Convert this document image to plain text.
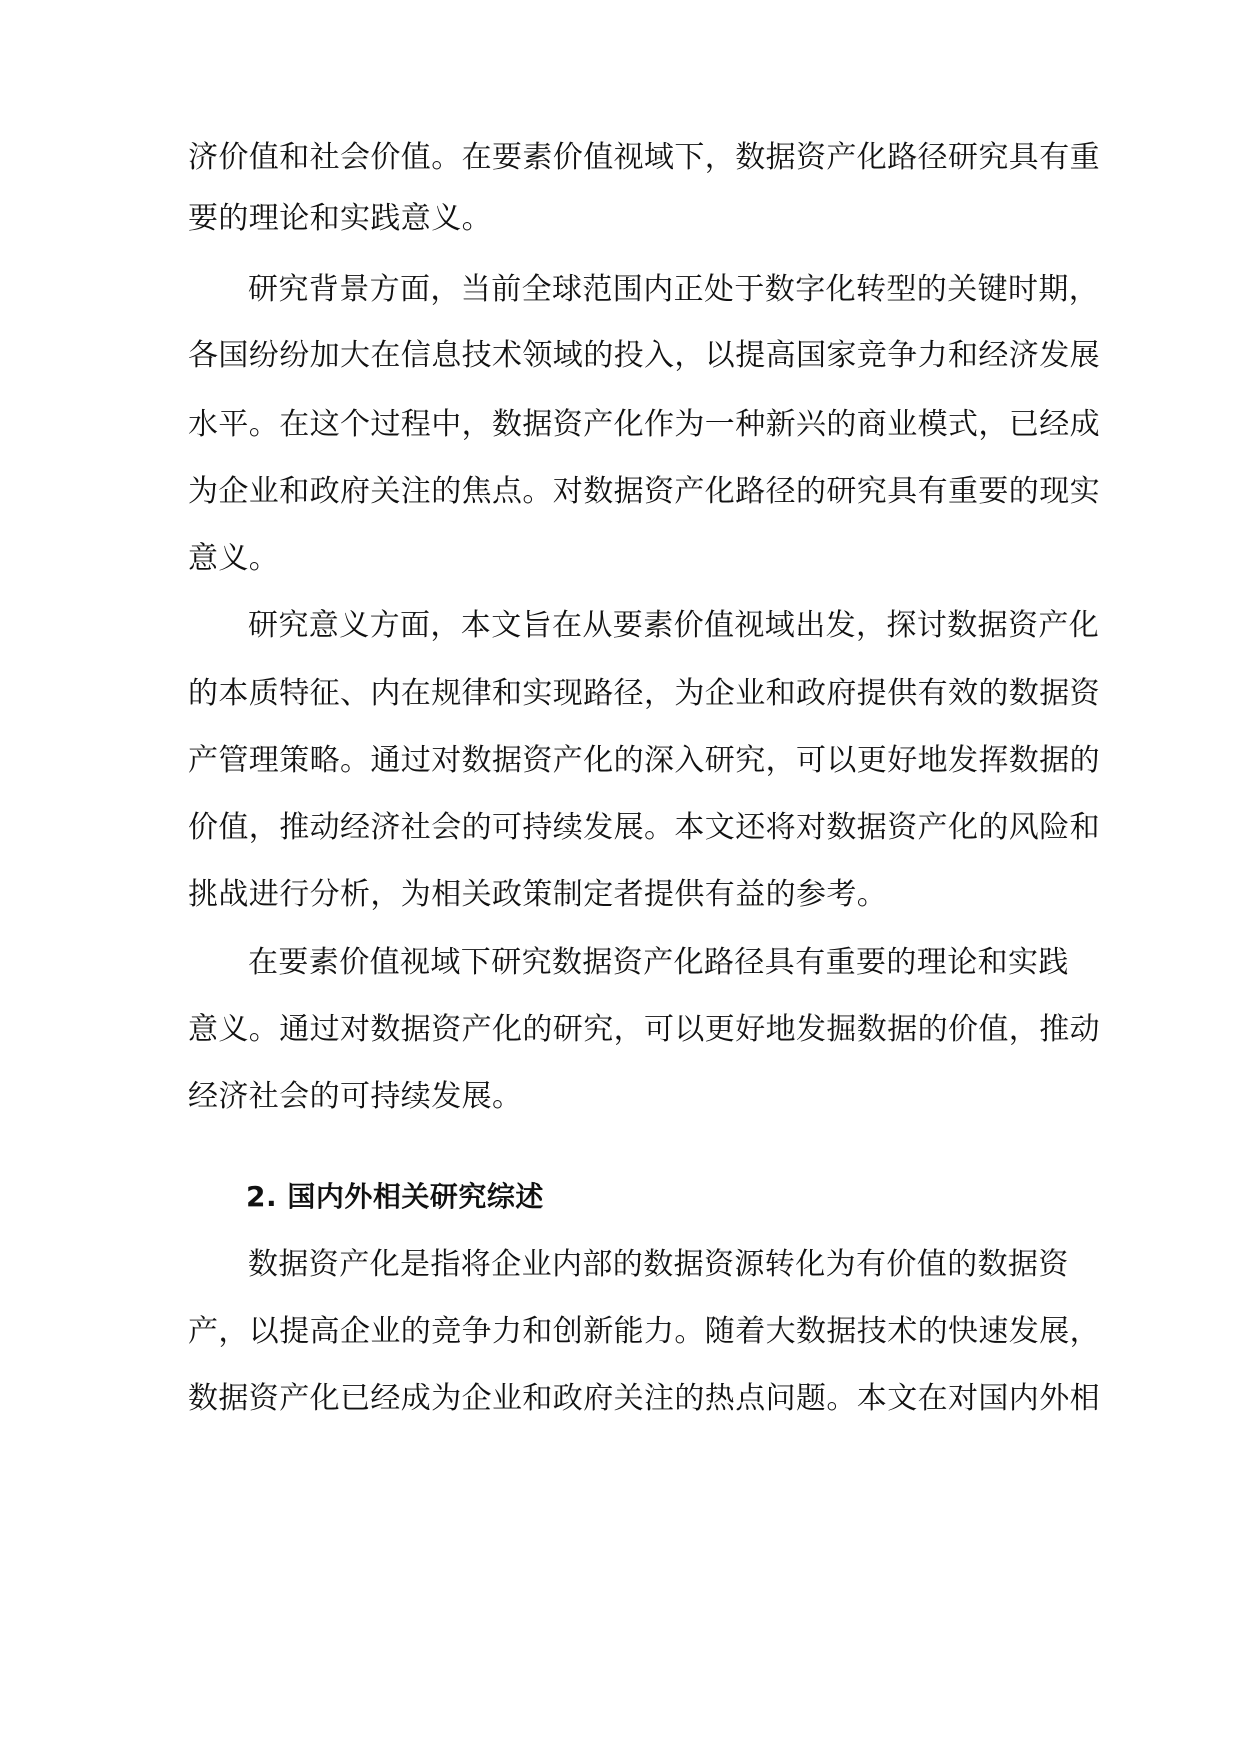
济价值和社会价值。在要素价值视域下，数据资产化路径研究具有重
要的理论和实践意义。
研究背景方面，当前全球范围内正处于数字化转型的关键时期，
各国纷纷加大在信息技术领域的投入，以提高国家竞争力和经济发展
水平。在这个过程中，数据资产化作为一种新兴的商业模式，已经成
为企业和政府关注的焦点。对数据资产化路径的研究具有重要的现实
意义。
研究意义方面，本文旨在从要素价值视域出发，探讨数据资产化
的本质特征、内在规律和实现路径，为企业和政府提供有效的数据资
产管理策略。通过对数据资产化的深入研究，可以更好地发挥数据的
价值，推动经济社会的可持续发展。本文还将对数据资产化的风险和
挑战进行分析，为相关政策制定者提供有益的参考。
在要素价值视域下研究数据资产化路径具有重要的理论和实践
意义。通过对数据资产化的研究，可以更好地发掘数据的价值，推动
经济社会的可持续发展。
2. 国内外相关研究综述
数据资产化是指将企业内部的数据资源转化为有价值的数据资
产，以提高企业的竞争力和创新能力。随着大数据技术的快速发展，
数据资产化已经成为企业和政府关注的热点问题。本文在对国内外相
